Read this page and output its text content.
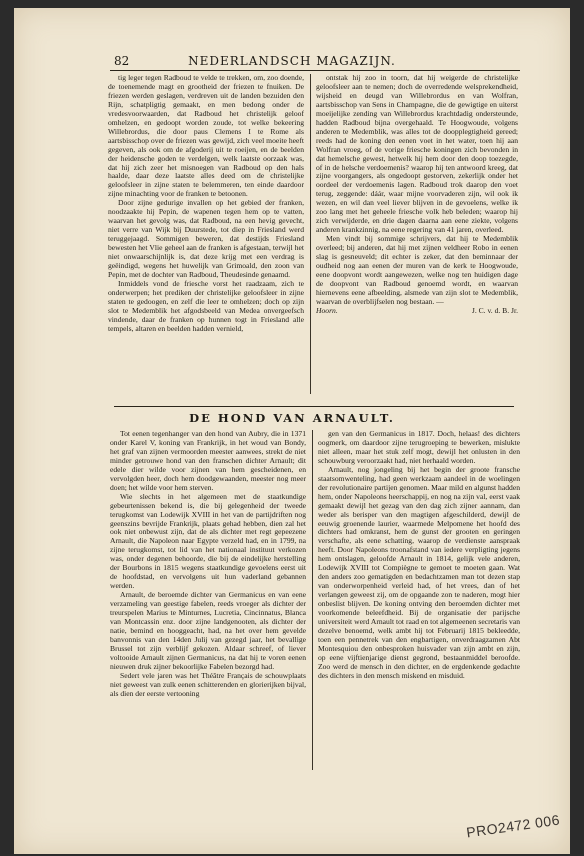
82	NEDERLANDSCH MAGAZIJN.

tig leger tegen Radboud te velde te trekken, om, zoo doende, de toenemende magt en grootheid der friezen te fnuiken. De friezen werden geslagen, verdreven uit de landen bezuiden den Rijn, schatpligtig gemaakt, en men bedong onder de vredesvoorwaarden, dat Radboud het christelijk geloof omhelzen, en gedoopt worden zoude, tot welke bekeering Willebrordus, die door paus Clemens I te Rome als aartsbisschop over de friezen was gewijd, zich veel moeite heeft gegeven, als ook om de afgoderij uit te roeijen, en de beelden der heidensche goden te verdelgen, welk laatste oorzaak was, dat hij zich zeer het misnoegen van Radboud op den hals haalde, daar deze laatste alles deed om de christelijke geloofsleer in zijne staten te belemmeren, ten einde daardoor zijne minachting voor de franken te betoonen.

Door zijne gedurige invallen op het gebied der franken, noodzaakte hij Pepin, de wapenen tegen hem op te vatten, waarvan het gevolg was, dat Radboud, na een hevig gevecht, niet verre van Wijk bij Duurstede, tot diep in Friesland werd teruggejaagd. Sommigen beweren, dat destijds Friesland bewesten het Vlie geheel aan de franken is afgestaan, terwijl het niet onwaarschijnlijk is, dat deze krijg met een verdrag is geëindigd, wegens het huwelijk van Grimoald, den zoon van Pepin, met de dochter van Radboud, Theudesinde genaamd.

Inmiddels vond de friesche vorst het raadzaam, zich te onderwerpen; het prediken der christelijke geloofsleer in zijne staten te gedoogen, en zelf die leer te omhelzen; doch op zijn slot te Medemblik het afgodsbeeld van Medea onvergeefsch vindende, daar de franken op hunnen togt in Friesland alle tempels, altaren en beelden hadden vernield,

ontstak hij zoo in toorn, dat hij weigerde de christelijke geloofsleer aan te nemen; doch de overredende welsprekendheid, wijsheid en deugd van Willebrordus en van Wolfran, aartsbisschop van Sens in Champagne, die de gewigtige en uiterst moeijelijke zending van Willebrordus krachtdadig ondersteunde, hadden Radboud bijna overgehaald. Te Hoogwoude, volgens anderen te Medemblik, was alles tot de doopplegtigheid gereed; reeds had de koning den eenen voet in het water, toen hij aan Wolfran vroeg, of de vorige friesche koningen zich bevonden in dat hemelsche gewest, hetwelk hij hem door den doop toezegde, of in de helsche verdoemenis? waarop hij ten antwoord kreeg, dat zijne voorgangers, als ongedoopt gestorven, zekerlijk onder het oordeel der verdoemenis lagen. Radboud trok daarop den voet terug, zeggende: dáár, waar mijne voorvaderen zijn, wil ook ik wezen, en wil dan veel liever blijven in de gevoelens, welke ik zoo lang met het geheele friesche volk heb beleden; waarop hij zich verwijderde, en drie dagen daarna aan eene ziekte, volgens anderen krankzinnig, na eene regering van 41 jaren, overleed.

Men vindt bij sommige schrijvers, dat hij te Medemblik overleed; bij anderen, dat hij met zijnen veldheer Robo in eenen slag is gesneuveld; dit echter is zeker, dat den beminnaar der oudheid nog aan eenen der muren van de kerk te Hoogwoude, eene doopvont wordt aangewezen, welke nog ten huidigen dage de doopvont van Radboud genoemd wordt, en waarvan hiernevens eene afbeelding, alsmede van zijn slot te Medemblik, waarvan de overblijfselen nog bestaan. —

Hoorn.	J. C. v. d. B. Jr.
DE HOND VAN ARNAULT.

Tot eenen tegenhanger van den hond van Aubry, die in 1371 onder Karel V, koning van Frankrijk, in het woud van Bondy, het graf van zijnen vermoorden meester aanwees, strekt de niet minder getrouwe hond van den franschen dichter Arnault; dit edele dier wilde voor zijnen van hem gescheidenen, en vervolgden heer, doch hem doodgewaanden, meester nog meer doen; het wilde voor hem sterven.

Wie slechts in het algemeen met de staatkundige gebeurtenissen bekend is, die bij gelegenheid der tweede terugkomst van Lodewijk XVIII in het van de partijdriften nog geenszins bevrijde Frankrijk, plaats gehad hebben, dien zal het ook niet onbewust zijn, dat de als dichter met regt gepeezene Arnault, die Napoleon naar Egypte verzeld had, en in 1799, na zijne terugkomst, tot lid van het nationaal instituut verkozen was, onder degenen behoorde, die bij de eindelijke herstelling der Bourbons in 1815 wegens staatkundige gevoelens eerst uit de hoofdstad, en vervolgens uit hun vaderland gebannen werden.

Arnault, de beroemde dichter van Germanicus en van eene verzameling van geestige fabelen, reeds vroeger als dichter der treurspelen Marius te Minturnes, Lucretia, Cincinnatus, Blanca van Montcassin enz. door zijne landgenooten, als dichter der natie, bemind en hooggeacht, had, na het over hem gevelde banvonnis van den 14den Julij van gezegd jaar, het bevallige Brussel tot zijn verblijf gekozen. Aldaar schreef, of liever voltooide Arnault zijnen Germanicus, na dat hij te voren eenen nieuwen druk zijner bekoorlijke Fabelen bezorgd had.

Sedert vele jaren was het Théâtre Français de schouwplaats niet geweest van zulk eenen schitterenden en glorierijken bijval, als dien der eerste vertooning

gen van den Germanicus in 1817. Doch, helaas! des dichters oogmerk, om daardoor zijne terugroeping te bewerken, mislukte niet alleen, maar het stuk zelf mogt, dewijl het onlusten in den schouwburg veroorzaakt had, niet herhaald worden.

Arnault, nog jongeling bij het begin der groote fransche staatsomwenteling, had geen werkzaam aandeel in de woelingen der revolutionaire partijen genomen. Maar mild en algunst hadden hem, onder Napoleons heerschappij, en nog na zijn val, eerst vaak gemaakt dewijl het gezag van den dag zich zijner aannam, dan weder als berisper van den magtigen afgeschilderd, dewijl de eeuwig groenende laurier, waarmede Melpomene het hoofd des dichters had omkranst, hem de gunst der grooten en geringen verschafte, als eene schatting, waarop de verdienste aanspraak heeft. Door Napoleons troonafstand van iedere verpligting jegens hem ontslagen, geloofde Arnault in 1814, gelijk vele anderen, Lodewijk XVIII tot Compiègne te gemoet te moeten gaan. Wat den anders zoo gematigden en bedachtzamen man tot dezen stap van onderworpenheid verleid had, of het vrees, dan of het verlangen geweest zij, om de opgaande zon te naderen, mogt hier onbeslist blijven. De koning ontving den beroemden dichter met voorkomende beleefdheid. Bij de organisatie der parijsche universiteit werd Arnault tot raad en tot algemeenen secretaris van dezelve benoemd, welk ambt hij tot Februarij 1815 bekleedde, toen een pennetrek van den engbartigen, onverdraagzamen Abt Montesquiou den onbesproken huisvader van zijn ambt en zijn, op eene vijftienjarige dienst gegrond, bestaanmiddel beroofde. Zoo werd de mensch in den dichter, en de ergdenkende gedachte des dichters in den mensch miskend en misduid.

PRO2472 006
